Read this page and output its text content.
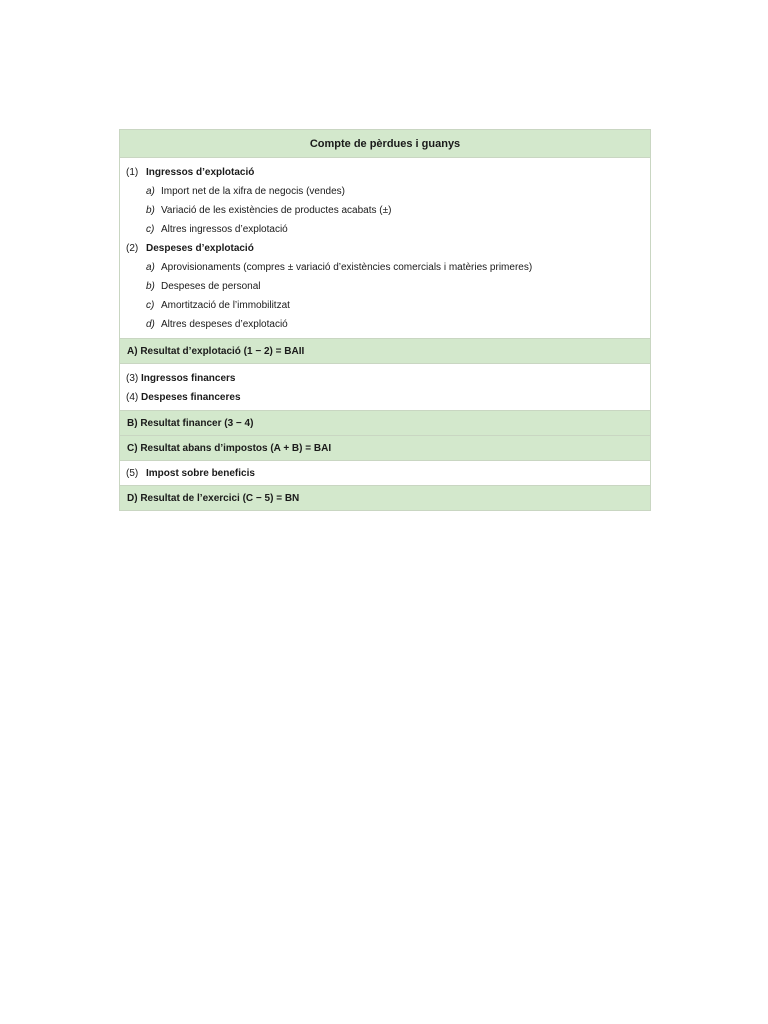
Compte de pèrdues i guanys
(1) Ingressos d’explotació
a) Import net de la xifra de negocis (vendes)
b) Variació de les existències de productes acabats (±)
c) Altres ingressos d’explotació
(2) Despeses d’explotació
a) Aprovisionaments (compres ± variació d’existències comercials i matèries primeres)
b) Despeses de personal
c) Amortització de l’immobilitzat
d) Altres despeses d’explotació
A) Resultat d’explotació (1 − 2) = BAII
(3) Ingressos financers
(4) Despeses financeres
B) Resultat financer (3 − 4)
C) Resultat abans d’impostos (A + B) = BAI
(5) Impost sobre beneficis
D) Resultat de l’exercici (C − 5) = BN
